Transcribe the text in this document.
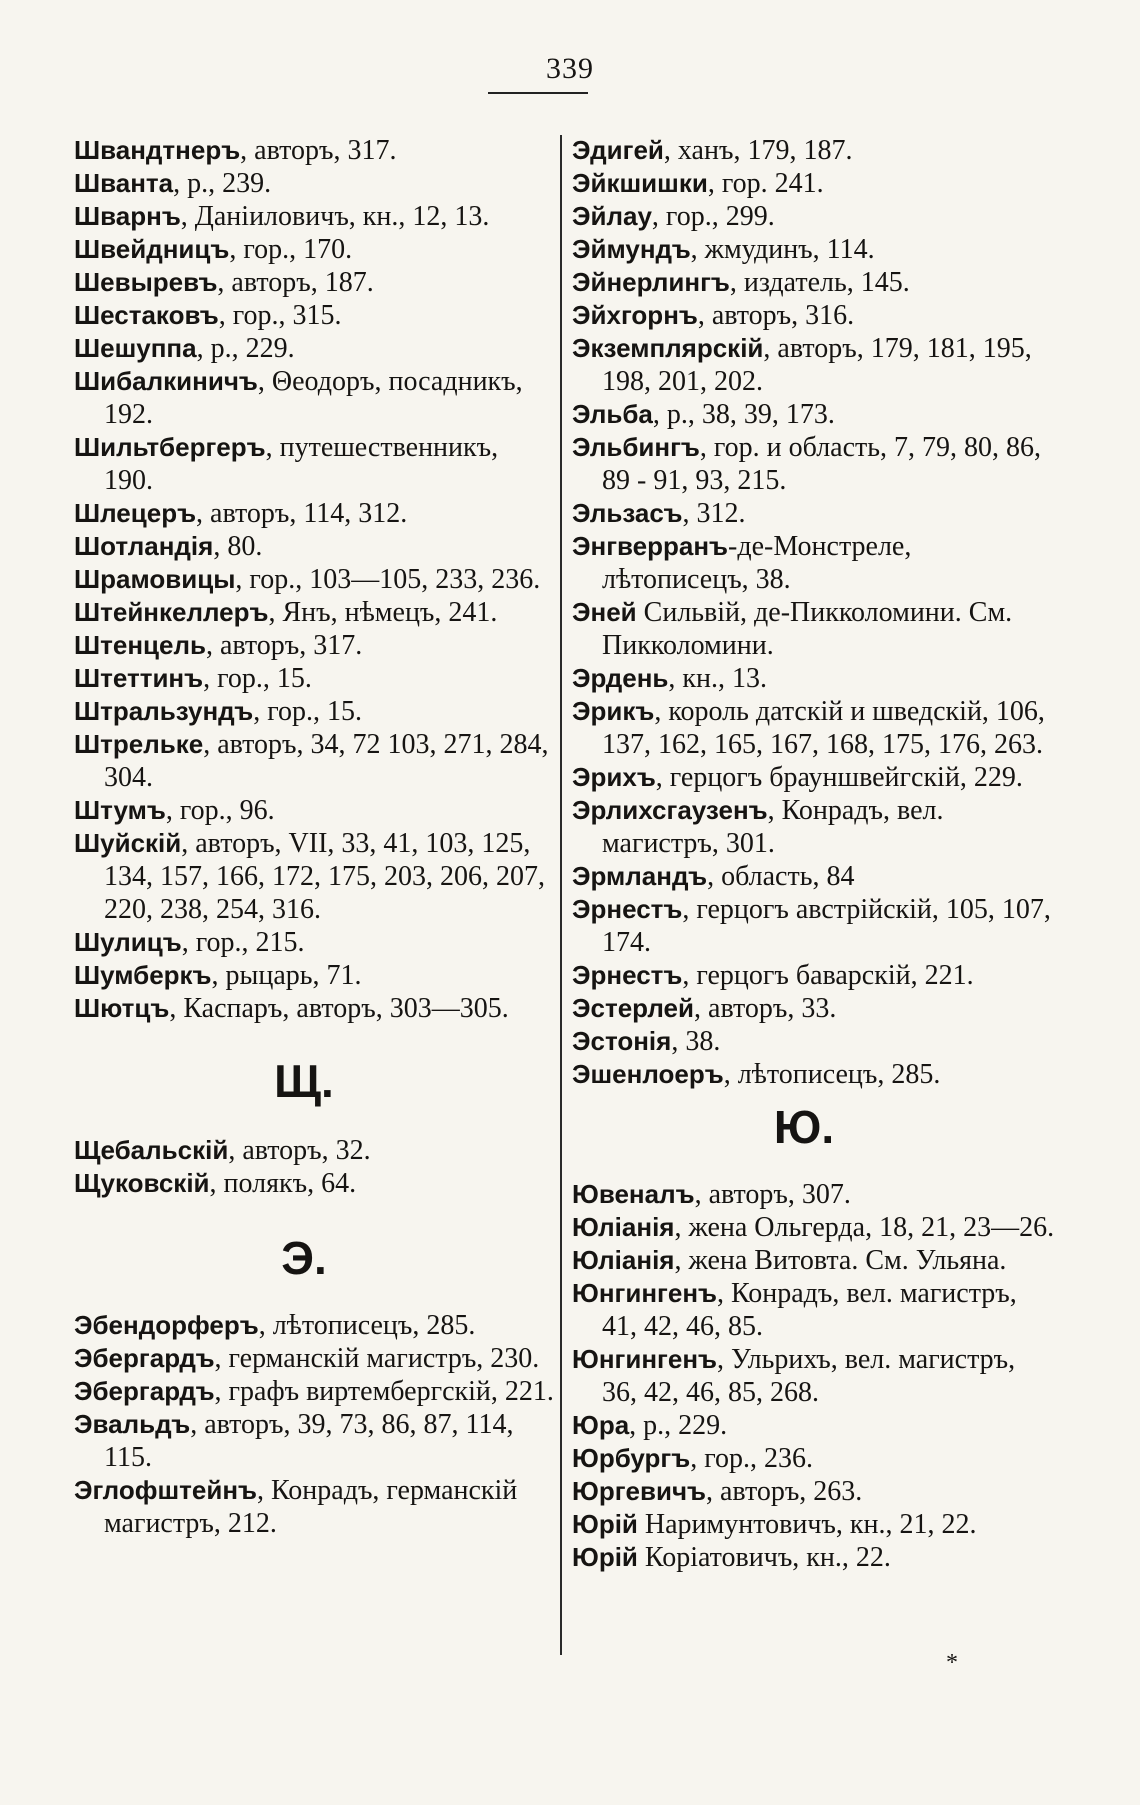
339
Швандтнеръ, авторъ, 317.
Шванта, р., 239.
Шварнъ, Даніиловичъ, кн., 12, 13.
Швейдницъ, гор., 170.
Шевыревъ, авторъ, 187.
Шестаковъ, гор., 315.
Шешуппа, р., 229.
Шибалкиничъ, Θеодоръ, посадникъ, 192.
Шильтбергеръ, путешественникъ, 190.
Шлецеръ, авторъ, 114, 312.
Шотландія, 80.
Шрамовицы, гор., 103—105, 233, 236.
Штейнкеллеръ, Янъ, нѣмецъ, 241.
Штенцель, авторъ, 317.
Штеттинъ, гор., 15.
Штральзундъ, гор., 15.
Штрельке, авторъ, 34, 72 103, 271, 284, 304.
Штумъ, гор., 96.
Шуйскій, авторъ, VII, 33, 41, 103, 125, 134, 157, 166, 172, 175, 203, 206, 207, 220, 238, 254, 316.
Шулицъ, гор., 215.
Шумберкъ, рыцарь, 71.
Шютцъ, Каспаръ, авторъ, 303—305.
Щ.
Щебальскій, авторъ, 32.
Щуковскій, полякъ, 64.
Э.
Эбендорферъ, лѣтописецъ, 285.
Эбергардъ, германскій магистръ, 230.
Эбергардъ, графъ виртембергскій, 221.
Эвальдъ, авторъ, 39, 73, 86, 87, 114, 115.
Эглофштейнъ, Конрадъ, германскій магистръ, 212.
Эдигей, ханъ, 179, 187.
Эйкшишки, гор. 241.
Эйлау, гор., 299.
Эймундъ, жмудинъ, 114.
Эйнерлингъ, издатель, 145.
Эйхгорнъ, авторъ, 316.
Экземплярскій, авторъ, 179, 181, 195, 198, 201, 202.
Эльба, р., 38, 39, 173.
Эльбингъ, гор. и область, 7, 79, 80, 86, 89 - 91, 93, 215.
Эльзасъ, 312.
Энгверранъ-де-Монстреле, лѣтописецъ, 38.
Эней Сильвій, де-Пикколомини. См. Пикколомини.
Эрдень, кн., 13.
Эрикъ, король датскій и шведскій, 106, 137, 162, 165, 167, 168, 175, 176, 263.
Эрихъ, герцогъ брауншвейгскій, 229.
Эрлихсгаузенъ, Конрадъ, вел. магистръ, 301.
Эрмландъ, область, 84
Эрнестъ, герцогъ австрійскій, 105, 107, 174.
Эрнестъ, герцогъ баварскій, 221.
Эстерлей, авторъ, 33.
Эстонія, 38.
Эшенлоеръ, лѣтописецъ, 285.
Ю.
Ювеналъ, авторъ, 307.
Юліанія, жена Ольгерда, 18, 21, 23—26.
Юліанія, жена Витовта. См. Ульяна.
Юнгингенъ, Конрадъ, вел. магистръ, 41, 42, 46, 85.
Юнгингенъ, Ульрихъ, вел. магистръ, 36, 42, 46, 85, 268.
Юра, р., 229.
Юрбургъ, гор., 236.
Юргевичъ, авторъ, 263.
Юрій Наримунтовичъ, кн., 21, 22.
Юрій Коріатовичъ, кн., 22.
*
